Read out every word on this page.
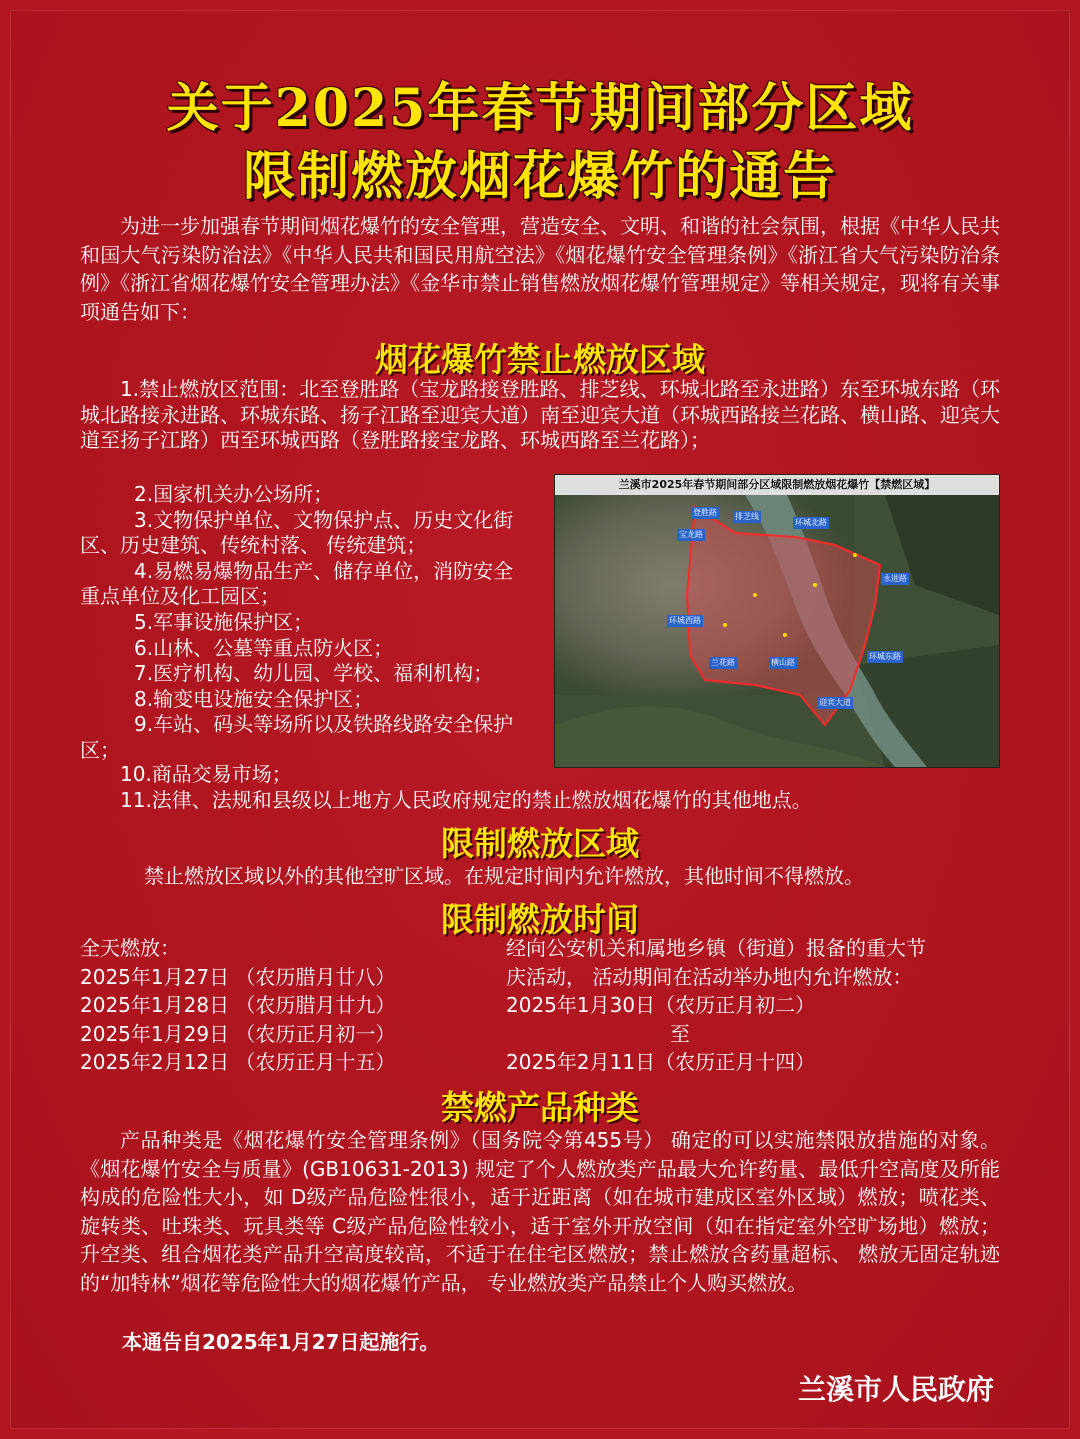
关于2025年春节期间部分区域
限制燃放烟花爆竹的通告

为进一步加强春节期间烟花爆竹的安全管理，营造安全、文明、和谐的社会氛围，根据《中华人民共和国大气污染防治法》《中华人民共和国民用航空法》《烟花爆竹安全管理条例》《浙江省大气污染防治条例》《浙江省烟花爆竹安全管理办法》《金华市禁止销售燃放烟花爆竹管理规定》等相关规定，现将有关事项通告如下：

烟花爆竹禁止燃放区域

1.禁止燃放区范围：北至登胜路（宝龙路接登胜路、排芝线、环城北路至永进路）东至环城东路（环城北路接永进路、环城东路、扬子江路至迎宾大道）南至迎宾大道（环城西路接兰花路、横山路、迎宾大道至扬子江路）西至环城西路（登胜路接宝龙路、环城西路至兰花路）；

2.国家机关办公场所；

3.文物保护单位、文物保护点、历史文化街区、历史建筑、传统村落、 传统建筑；

4.易燃易爆物品生产、储存单位，消防安全重点单位及化工园区；

5.军事设施保护区；

6.山林、公墓等重点防火区；

7.医疗机构、幼儿园、学校、福利机构；

8.输变电设施安全保护区；

9.车站、码头等场所以及铁路线路安全保护区；

10.商品交易市场；

11.法律、法规和县级以上地方人民政府规定的禁止燃放烟花爆竹的其他地点。

兰溪市2025年春节期间部分区域限制燃放烟花爆竹【禁燃区域】
登胜路 排芝线
环城北路
永进路
环城西路
环城东路
兰花路	横山路
迎宾大道
宝龙路
限制燃放区域

禁止燃放区域以外的其他空旷区域。在规定时间内允许燃放，其他时间不得燃放。

限制燃放时间
全天燃放：
2025年1月27日 （农历腊月廿八）
2025年1月28日 （农历腊月廿九）
2025年1月29日 （农历正月初一）
2025年2月12日 （农历正月十五）
经向公安机关和属地乡镇（街道）报备的重大节
庆活动， 活动期间在活动举办地内允许燃放：
2025年1月30日（农历正月初二）
至
2025年2月11日（农历正月十四）
禁燃产品种类

产品种类是《烟花爆竹安全管理条例》（国务院令第455号） 确定的可以实施禁限放措施的对象。《烟花爆竹安全与质量》(GB10631-2013) 规定了个人燃放类产品最大允许药量、最低升空高度及所能构成的危险性大小，如 D级产品危险性很小，适于近距离（如在城市建成区室外区域）燃放；喷花类、旋转类、吐珠类、玩具类等 C级产品危险性较小，适于室外开放空间（如在指定室外空旷场地）燃放；升空类、组合烟花类产品升空高度较高，不适于在住宅区燃放；禁止燃放含药量超标、 燃放无固定轨迹的“加特林”烟花等危险性大的烟花爆竹产品， 专业燃放类产品禁止个人购买燃放。

本通告自2025年1月27日起施行。
兰溪市人民政府
